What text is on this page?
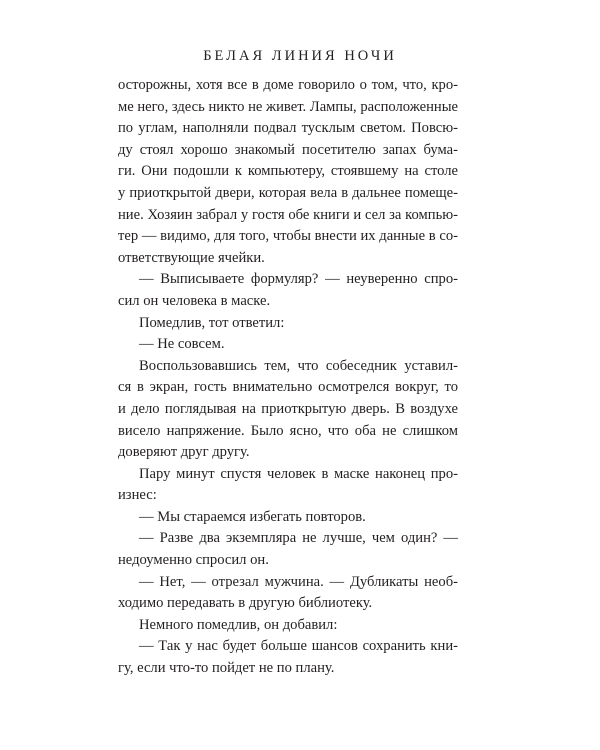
БЕЛАЯ ЛИНИЯ НОЧИ

осторожны, хотя все в доме говорило о том, что, кро-
ме него, здесь никто не живет. Лампы, расположенные
по углам, наполняли подвал тусклым светом. Повсю-
ду стоял хорошо знакомый посетителю запах бума-
ги. Они подошли к компьютеру, стоявшему на столе
у приоткрытой двери, которая вела в дальнее помеще-
ние. Хозяин забрал у гостя обе книги и сел за компью-
тер — видимо, для того, чтобы внести их данные в со-
ответствующие ячейки.

— Выписываете формуляр? — неуверенно спро-
сил он человека в маске.

Помедлив, тот ответил:

— Не совсем.

Воспользовавшись тем, что собеседник уставил-
ся в экран, гость внимательно осмотрелся вокруг, то
и дело поглядывая на приоткрытую дверь. В воздухе
висело напряжение. Было ясно, что оба не слишком
доверяют друг другу.

Пару минут спустя человек в маске наконец про-
изнес:

— Мы стараемся избегать повторов.

— Разве два экземпляра не лучше, чем один? —
недоуменно спросил он.

— Нет, — отрезал мужчина. — Дубликаты необ-
ходимо передавать в другую библиотеку.

Немного помедлив, он добавил:

— Так у нас будет больше шансов сохранить кни-
гу, если что-то пойдет не по плану.
